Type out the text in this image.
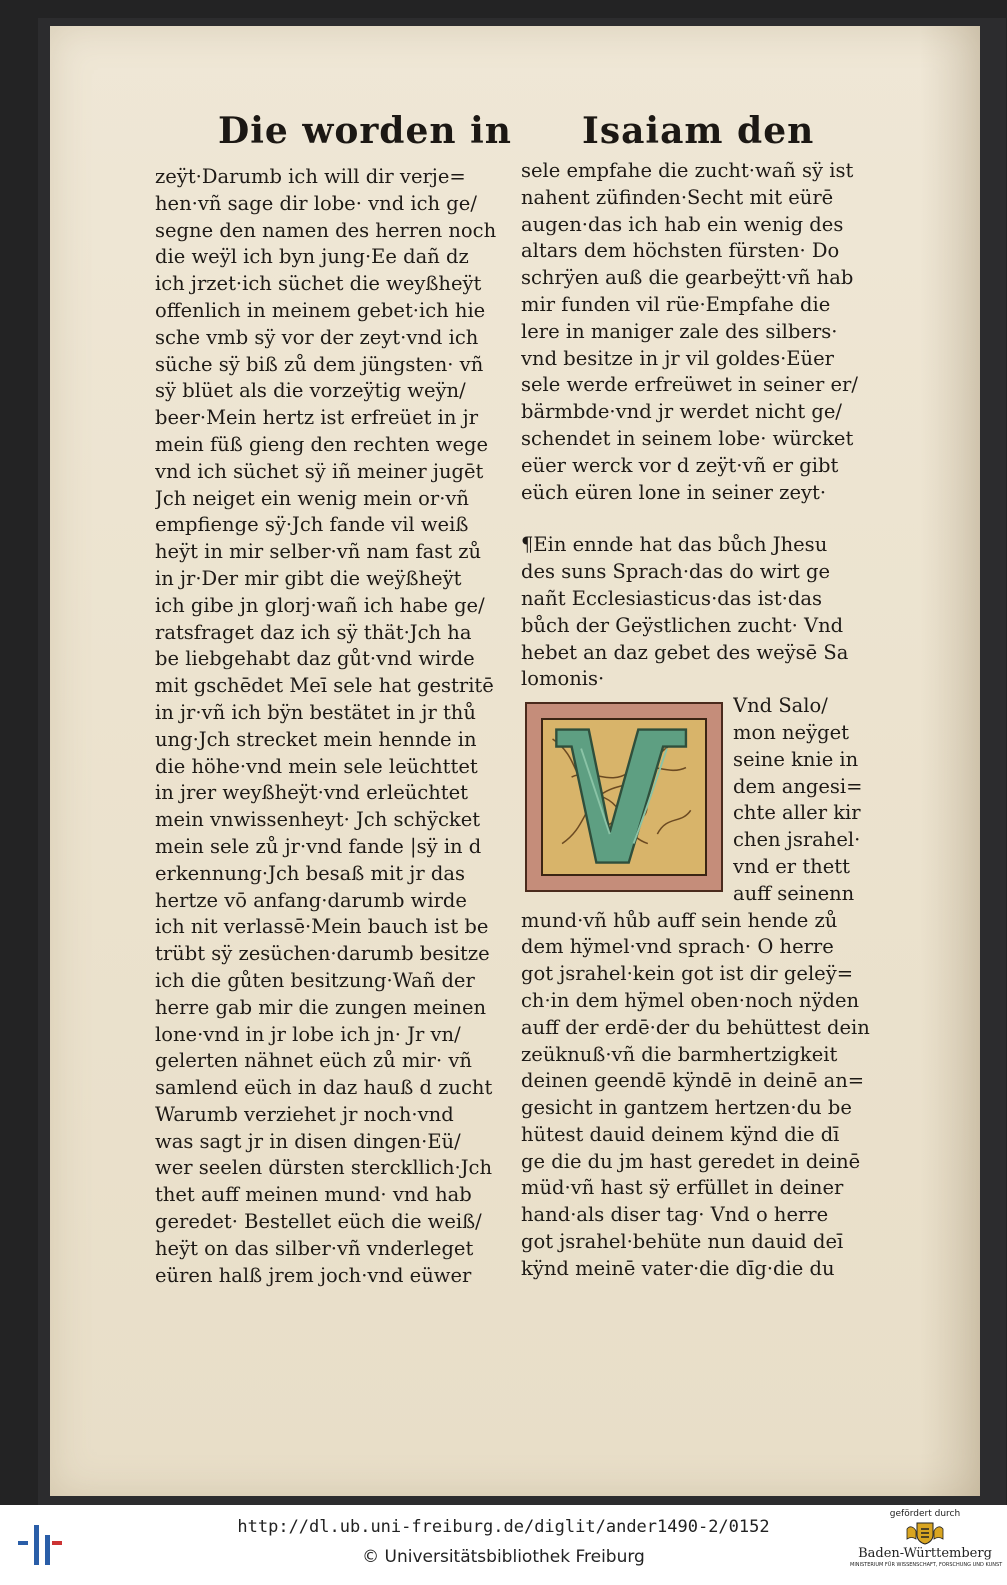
Die worden in Isaiam den
zeÿt·Darumb ich will dir verje=
hen·vñ sage dir lobe· vnd ich ge/
segne den namen des herren noch
die weÿl ich byn jung·Ee dañ dz
ich jrzet·ich süchet die weyßheÿt
offenlich in meinem gebet·ich hie
sche vmb sÿ vor der zeyt·vnd ich
süche sÿ biß zů dem jüngsten· vñ
sÿ blüet als die vorzeÿtig weÿn/
beer·Mein hertz ist erfreüet in jr
mein füß gieng den rechten wege
vnd ich süchet sÿ iñ meiner jugēt
Jch neiget ein wenig mein or·vñ
empfienge sÿ·Jch fande vil weiß
heÿt in mir selber·vñ nam fast zů
in jr·Der mir gibt die weÿßheÿt
ich gibe jn glorj·wañ ich habe ge/
ratsfraget daz ich sÿ thät·Jch ha
be liebgehabt daz gůt·vnd wirde
mit gschēdet Meī sele hat gestritē
in jr·vñ ich bÿn bestätet in jr thů
ung·Jch strecket mein hennde in
die höhe·vnd mein sele leüchttet
in jrer weyßheÿt·vnd erleüchtet
mein vnwissenheyt· Jch schÿcket
mein sele zů jr·vnd fande |sÿ in d
erkennung·Jch besaß mit jr das
hertze vō anfang·darumb wirde
ich nit verlassē·Mein bauch ist be
trübt sÿ zesüchen·darumb besitze
ich die gůten besitzung·Wañ der
herre gab mir die zungen meinen
lone·vnd in jr lobe ich jn· Jr vn/
gelerten nähnet eüch zů mir· vñ
samlend eüch in daz hauß d zucht
Warumb verziehet jr noch·vnd
was sagt jr in disen dingen·Eü/
wer seelen dürsten sterckllich·Jch
thet auff meinen mund· vnd hab
geredet· Bestellet eüch die weiß/
heÿt on das silber·vñ vnderleget
eüren halß jrem joch·vnd eüwer
sele empfahe die zucht·wañ sÿ ist
nahent züfinden·Secht mit eürē
augen·das ich hab ein wenig des
altars dem höchsten fürsten· Do
schrÿen auß die gearbeÿtt·vñ hab
mir funden vil rüe·Empfahe die
lere in maniger zale des silbers·
vnd besitze in jr vil goldes·Eüer
sele werde erfreüwet in seiner er/
bärmbde·vnd jr werdet nicht ge/
schendet in seinem lobe· würcket
eüer werck vor d zeÿt·vñ er gibt
eüch eüren lone in seiner zeyt·
¶Ein ennde hat das bůch Jhesu
des suns Sprach·das do wirt ge
nañt Ecclesiasticus·das ist·das
bůch der Geÿstlichen zucht· Vnd
hebet an daz gebet des weÿsē Sa
lomonis·
Vnd Salo/
mon neÿget
seine knie in
dem angesi=
chte aller kir
chen jsrahel·
vnd er thett
auff seinenn
mund·vñ hůb auff sein hende zů
dem hÿmel·vnd sprach· O herre
got jsrahel·kein got ist dir geleÿ=
ch·in dem hÿmel oben·noch nÿden
auff der erdē·der du behüttest dein
zeüknuß·vñ die barmhertzigkeit
deinen geendē kÿndē in deinē an=
gesicht in gantzem hertzen·du be
hütest dauid deinem kÿnd die dī
ge die du jm hast geredet in deinē
müd·vñ hast sÿ erfüllet in deiner
hand·als diser tag· Vnd o herre
got jsrahel·behüte nun dauid deī
kÿnd meinē vater·die dīg·die du
http://dl.ub.uni-freiburg.de/diglit/ander1490-2/0152
© Universitätsbibliothek Freiburg
gefördert durch
Baden-Württemberg
MINISTERIUM FÜR WISSENSCHAFT, FORSCHUNG UND KUNST
